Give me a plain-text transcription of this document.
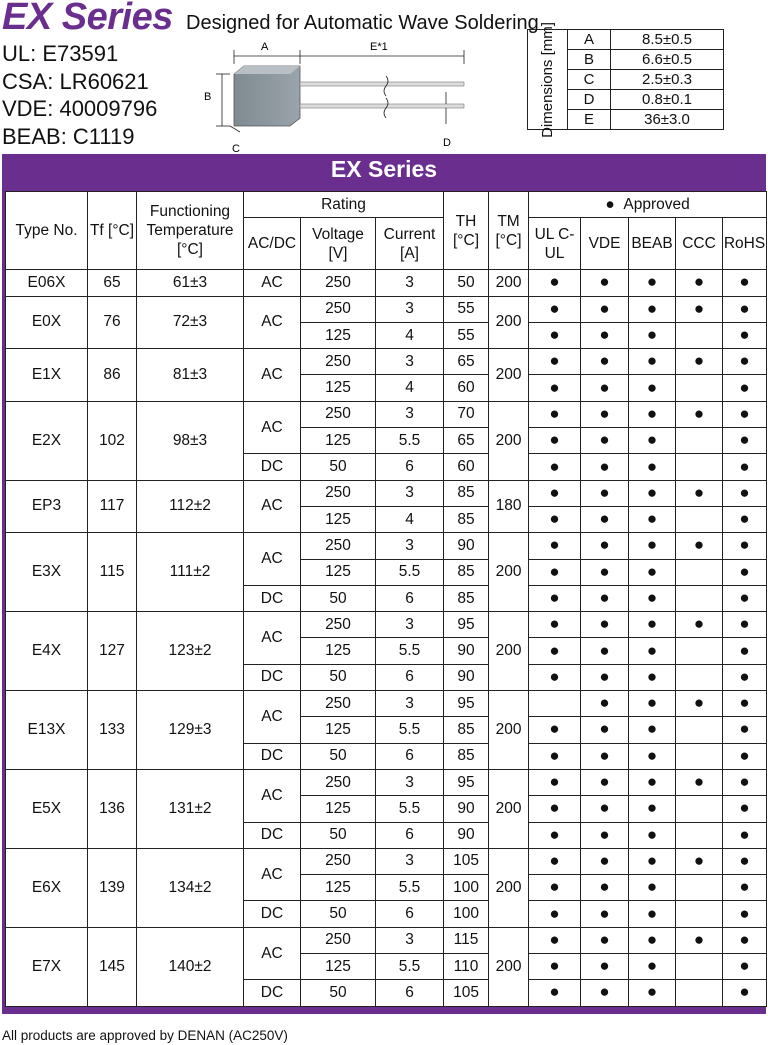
EX Series Designed for Automatic Wave Soldering
UL: E73591
CSA: LR60621
VDE: 40009796
BEAB: C1119
A	E*1
B
C	D
Dimensions [mm]	A	8.5±0.5
	B	6.6±0.5
	C	2.5±0.3
	D	0.8±0.1
	E	36±3.0
EX Series
Type No.	Tf [°C]	Functioning Temperature [°C]	Rating			TH [°C]	TM [°C]	● Approved				
			AC/DC	Voltage [V]	Current [A]			UL C-UL	VDE	BEAB	CCC	RoHS
E06X	65	61±3	AC	250	3	50	200	●	●	●	●	●
E0X	76	72±3	AC	250	3	55	200	●	●	●	●	●
				125	4	55		●	●	●		●
E1X	86	81±3	AC	250	3	65	200	●	●	●	●	●
				125	4	60		●	●	●		●
E2X	102	98±3	AC	250	3	70	200	●	●	●	●	●
				125	5.5	65		●	●	●		●
			DC	50	6	60		●	●	●		●
EP3	117	112±2	AC	250	3	85	180	●	●	●	●	●
				125	4	85		●	●	●		●
E3X	115	111±2	AC	250	3	90	200	●	●	●	●	●
				125	5.5	85		●	●	●		●
			DC	50	6	85		●	●	●		●
E4X	127	123±2	AC	250	3	95	200	●	●	●	●	●
				125	5.5	90		●	●	●		●
			DC	50	6	90		●	●	●		●
E13X	133	129±3	AC	250	3	95	200		●	●	●	●
				125	5.5	85		●	●	●		●
			DC	50	6	85		●	●	●		●
E5X	136	131±2	AC	250	3	95	200	●	●	●	●	●
				125	5.5	90		●	●	●		●
			DC	50	6	90		●	●	●		●
E6X	139	134±2	AC	250	3	105	200	●	●	●	●	●
				125	5.5	100		●	●	●		●
			DC	50	6	100		●	●	●		●
E7X	145	140±2	AC	250	3	115	200	●	●	●	●	●
				125	5.5	110		●	●	●		●
			DC	50	6	105		●	●	●		●
All products are approved by DENAN (AC250V)
